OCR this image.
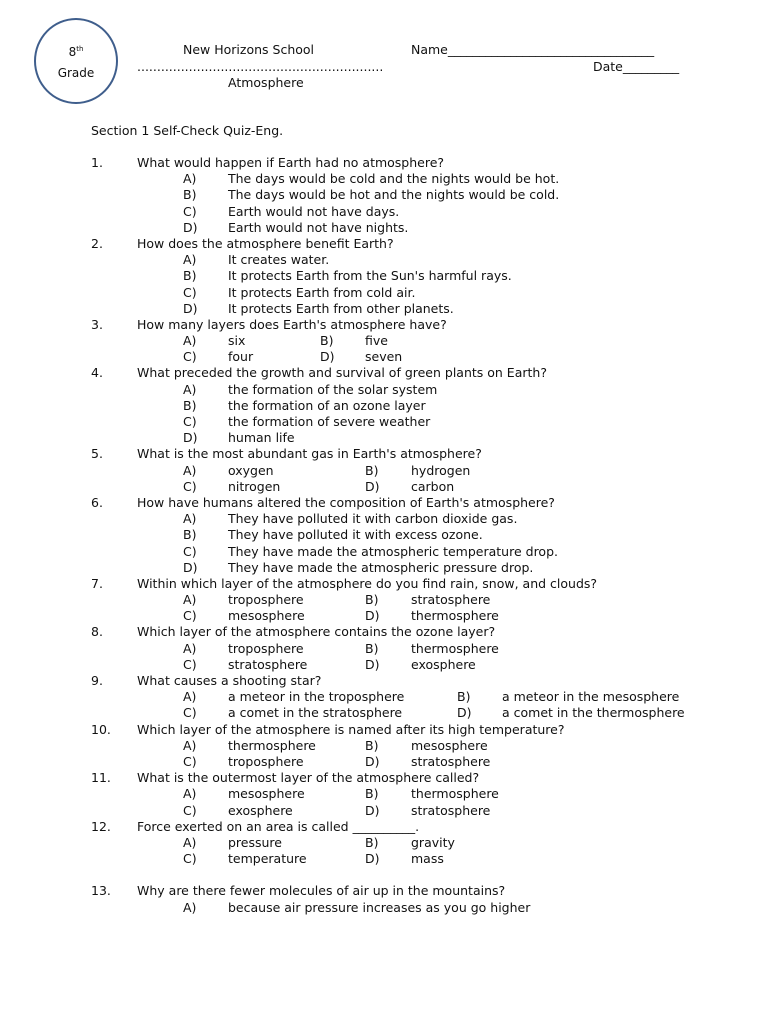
8th
Grade
New Horizons School	Name_________________________________
..............................................................	Date_________
Atmosphere
Section 1 Self-Check Quiz-Eng.
1.	What would happen if Earth had no atmosphere?
A)	The days would be cold and the nights would be hot.
B)	The days would be hot and the nights would be cold.
C)	Earth would not have days.
D) Earth would not have nights.
2.	How does the atmosphere benefit Earth?
A)	It creates water.
B)	It protects Earth from the Sun's harmful rays.
C)	It protects Earth from cold air.
D) It protects Earth from other planets.
3.	How many layers does Earth's atmosphere have?
A)	six	B)	five
C)	four	D) seven
4.	What preceded the growth and survival of green plants on Earth?
A)	the formation of the solar system
B)	the formation of an ozone layer
C)	the formation of severe weather
D) human life
5.	What is the most abundant gas in Earth's atmosphere?
A)	oxygen	B)	hydrogen
C)	nitrogen	D)	carbon
6.	How have humans altered the composition of Earth's atmosphere?
A)	They have polluted it with carbon dioxide gas.
B)	They have polluted it with excess ozone.
C)	They have made the atmospheric temperature drop.
D) They have made the atmospheric pressure drop.
7.	Within which layer of the atmosphere do you find rain, snow, and clouds?
A)	troposphere	B)	stratosphere
C)	mesosphere	D)	thermosphere
8.	Which layer of the atmosphere contains the ozone layer?
A)	troposphere	B)	thermosphere
C)	stratosphere	D)	exosphere
9.	What causes a shooting star?
A)	a meteor in the troposphere	B)	a meteor in the mesosphere
C)	a comet in the stratosphere	D) a comet in the thermosphere
10. Which layer of the atmosphere is named after its high temperature?
A)	thermosphere	B)	mesosphere
C)	troposphere	D)	stratosphere
11. What is the outermost layer of the atmosphere called?
A)	mesosphere	B)	thermosphere
C)	exosphere	D)	stratosphere
12. Force exerted on an area is called __________.
A)	pressure	B)	gravity
C)	temperature	D)	mass
13. Why are there fewer molecules of air up in the mountains?
A)	because air pressure increases as you go higher
